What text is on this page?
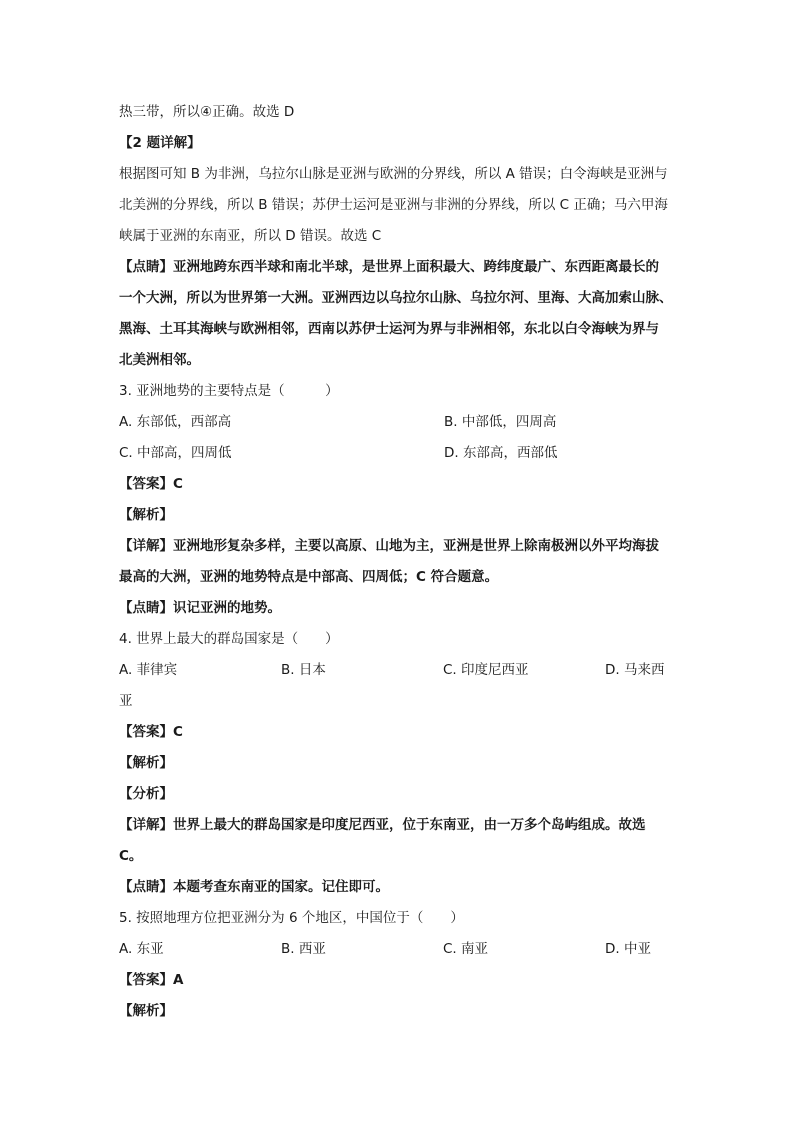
热三带，所以④正确。故选 D
【2 题详解】
根据图可知 B 为非洲，乌拉尔山脉是亚洲与欧洲的分界线，所以 A 错误；白令海峡是亚洲与
北美洲的分界线，所以 B 错误；苏伊士运河是亚洲与非洲的分界线，所以 C 正确；马六甲海
峡属于亚洲的东南亚，所以 D 错误。故选 C
【点睛】亚洲地跨东西半球和南北半球，是世界上面积最大、跨纬度最广、东西距离最长的
一个大洲，所以为世界第一大洲。亚洲西边以乌拉尔山脉、乌拉尔河、里海、大高加索山脉、
黑海、土耳其海峡与欧洲相邻，西南以苏伊士运河为界与非洲相邻，东北以白令海峡为界与
北美洲相邻。
3. 亚洲地势的主要特点是（　　　）
A. 东部低，西部高	B. 中部低，四周高
C. 中部高，四周低	D. 东部高，西部低
【答案】C
【解析】
【详解】亚洲地形复杂多样，主要以高原、山地为主，亚洲是世界上除南极洲以外平均海拔
最高的大洲，亚洲的地势特点是中部高、四周低；C 符合题意。
【点睛】识记亚洲的地势。
4. 世界上最大的群岛国家是（　　）
A. 菲律宾	B. 日本	C. 印度尼西亚	D. 马来西
亚
【答案】C
【解析】
【分析】
【详解】世界上最大的群岛国家是印度尼西亚，位于东南亚，由一万多个岛屿组成。故选
C。
【点睛】本题考查东南亚的国家。记住即可。
5. 按照地理方位把亚洲分为 6 个地区，中国位于（　　）
A. 东亚	B. 西亚	C. 南亚	D. 中亚
【答案】A
【解析】
